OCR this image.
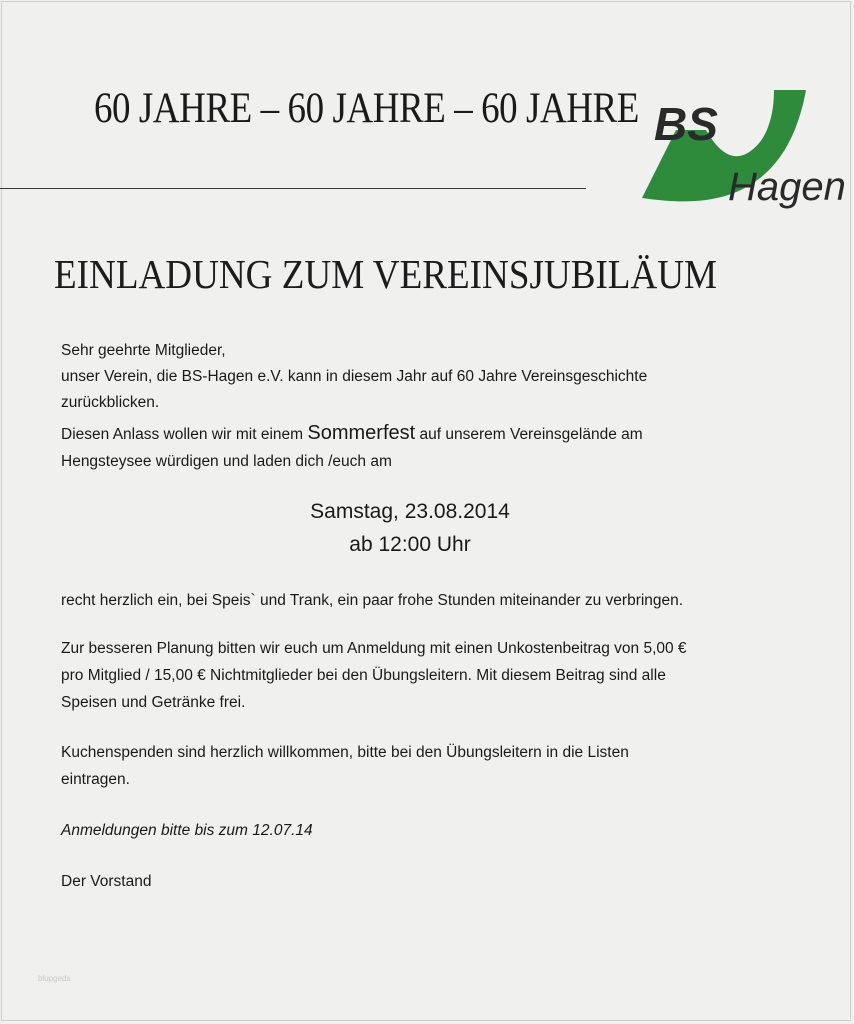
60 JAHRE – 60 JAHRE – 60 JAHRE BS
Hagen
EINLADUNG ZUM VEREINSJUBILÄUM
Sehr geehrte Mitglieder,
unser Verein, die BS-Hagen e.V. kann in diesem Jahr auf 60 Jahre Vereinsgeschichte
zurückblicken.
Diesen Anlass wollen wir mit einem Sommerfest auf unserem Vereinsgelände am
Hengsteysee würdigen und laden dich /euch am
Samstag, 23.08.2014
ab 12:00 Uhr
recht herzlich ein, bei Speis` und Trank, ein paar frohe Stunden miteinander zu verbringen.
Zur besseren Planung bitten wir euch um Anmeldung mit einen Unkostenbeitrag von 5,00 €
pro Mitglied / 15,00 € Nichtmitglieder bei den Übungsleitern. Mit diesem Beitrag sind alle
Speisen und Getränke frei.
Kuchenspenden sind herzlich willkommen, bitte bei den Übungsleitern in die Listen
eintragen.
Anmeldungen bitte bis zum 12.07.14
Der Vorstand
blupgeds
